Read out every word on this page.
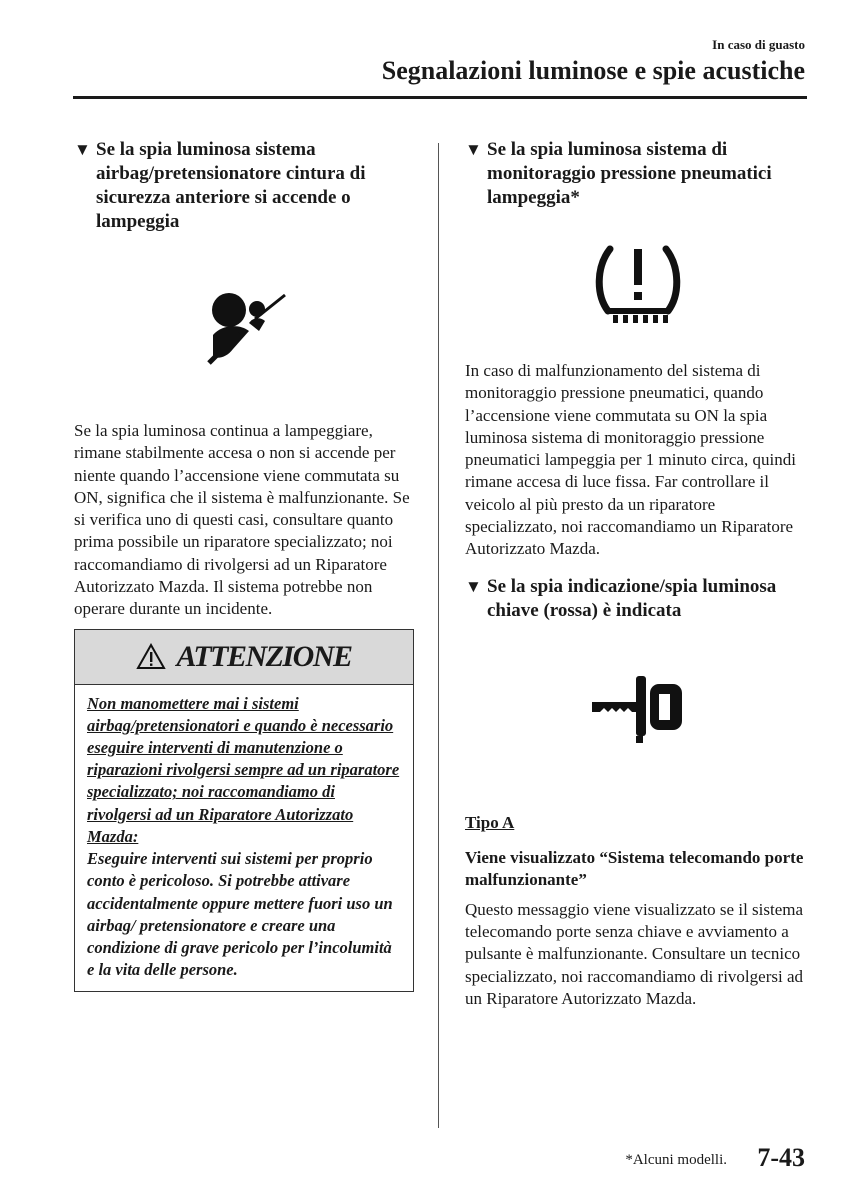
In caso di guasto
Segnalazioni luminose e spie acustiche
▼ Se la spia luminosa sistema airbag/pretensionatore cintura di sicurezza anteriore si accende o lampeggia
Se la spia luminosa continua a lampeggiare, rimane stabilmente accesa o non si accende per niente quando l’accensione viene commutata su ON, significa che il sistema è malfunzionante. Se si verifica uno di questi casi, consultare quanto prima possibile un riparatore specializzato; noi raccomandiamo di rivolgersi ad un Riparatore Autorizzato Mazda. Il sistema potrebbe non operare durante un incidente.
ATTENZIONE
Non manomettere mai i sistemi airbag/pretensionatori e quando è necessario eseguire interventi di manutenzione o riparazioni rivolgersi sempre ad un riparatore specializzato; noi raccomandiamo di rivolgersi ad un Riparatore Autorizzato Mazda:
Eseguire interventi sui sistemi per proprio conto è pericoloso. Si potrebbe attivare accidentalmente oppure mettere fuori uso un airbag/ pretensionatore e creare una condizione di grave pericolo per l’incolumità e la vita delle persone.
▼ Se la spia luminosa sistema di monitoraggio pressione pneumatici lampeggia*
In caso di malfunzionamento del sistema di monitoraggio pressione pneumatici, quando l’accensione viene commutata su ON la spia luminosa sistema di monitoraggio pressione pneumatici lampeggia per 1 minuto circa, quindi rimane accesa di luce fissa. Far controllare il veicolo al più presto da un riparatore specializzato, noi raccomandiamo un Riparatore Autorizzato Mazda.
▼ Se la spia indicazione/spia luminosa chiave (rossa) è indicata
Tipo A
Viene visualizzato “Sistema telecomando porte malfunzionante”
Questo messaggio viene visualizzato se il sistema telecomando porte senza chiave e avviamento a pulsante è malfunzionante. Consultare un tecnico specializzato, noi raccomandiamo di rivolgersi ad un Riparatore Autorizzato Mazda.
*Alcuni modelli. 7-43
